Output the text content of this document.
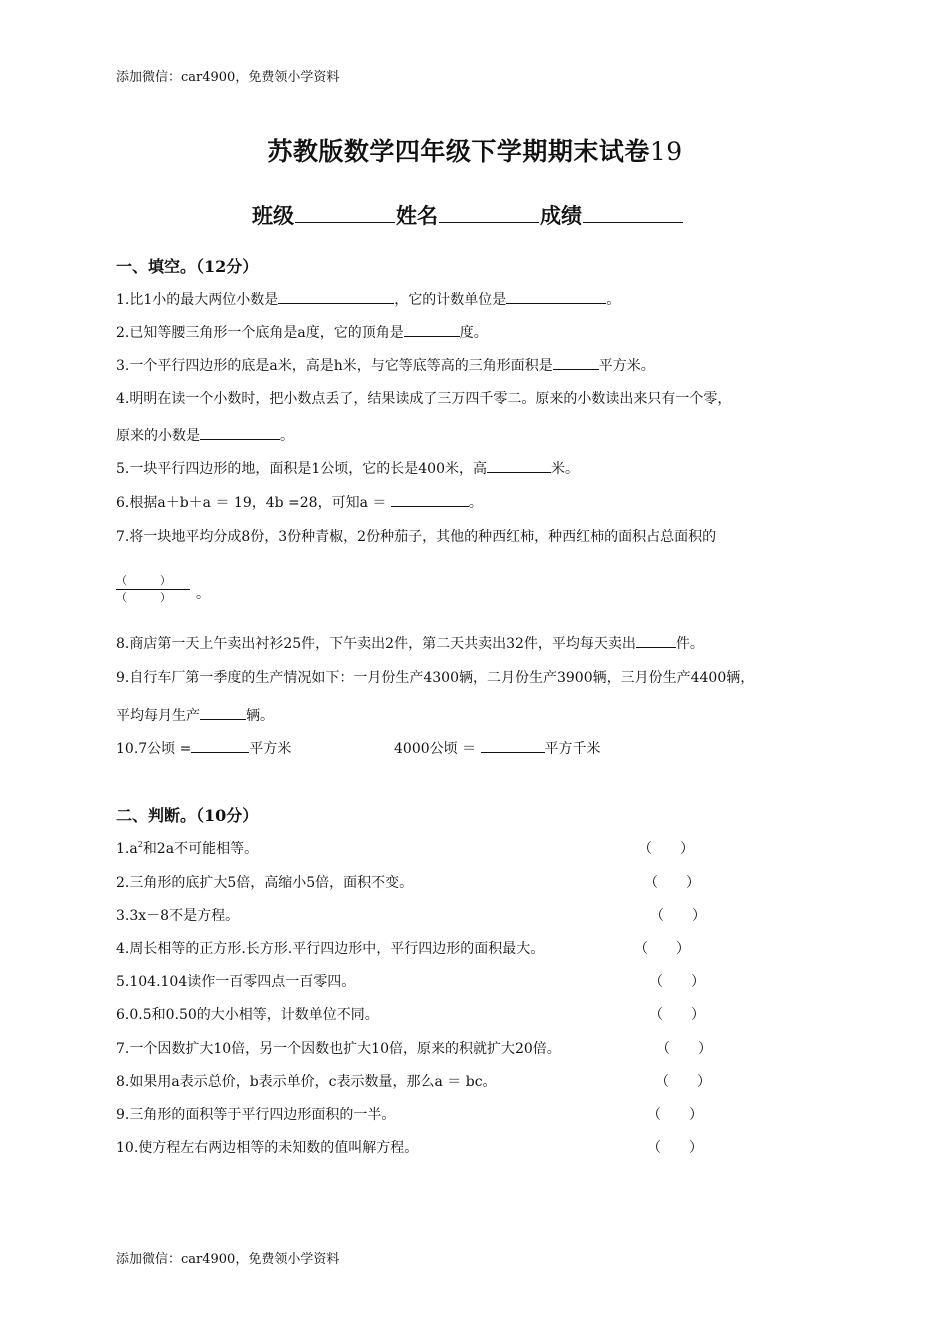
添加微信：car4900，免费领小学资料
苏教版数学四年级下学期期末试卷19
班级	姓名	成绩
一、填空。（12分）
1.比1小的最大两位小数是	，它的计数单位是	。
2.已知等腰三角形一个底角是a度，它的顶角是	度。
3.一个平行四边形的底是a米，高是h米，与它等底等高的三角形面积是	平方米。
4.明明在读一个小数时，把小数点丢了，结果读成了三万四千零二。原来的小数读出来只有一个零，
原来的小数是	。
5.一块平行四边形的地，面积是1公顷，它的长是400米，高	米。
6.根据a＋b＋a ＝ 19，4b =28，可知a ＝	。
7.将一块地平均分成8份，3份种青椒，2份种茄子，其他的种西红柿，种西红柿的面积占总面积的
（　　　）
（　　　）	。
8.商店第一天上午卖出衬衫25件，下午卖出2件，第二天共卖出32件，平均每天卖出	件。
9.自行车厂第一季度的生产情况如下：一月份生产4300辆，二月份生产3900辆，三月份生产4400辆，
平均每月生产	辆。
10.7公顷 =	平方米	4000公顷 ＝	平方千米
二、判断。（10分）
$1.a^2$和2a不可能相等。	（　　）
2.三角形的底扩大5倍，高缩小5倍，面积不变。	（　　）
3.3x－8不是方程。	（　　）
4.周长相等的正方形.长方形.平行四边形中，平行四边形的面积最大。	（　　）
5.104.104读作一百零四点一百零四。	（　　）
6.0.5和0.50的大小相等，计数单位不同。	（　　）
7.一个因数扩大10倍，另一个因数也扩大10倍，原来的积就扩大20倍。	（　　）
8.如果用a表示总价，b表示单价，c表示数量，那么a ＝ bc。	（　　）
9.三角形的面积等于平行四边形面积的一半。	（　　）
10.使方程左右两边相等的未知数的值叫解方程。	（　　）
添加微信：car4900，免费领小学资料
